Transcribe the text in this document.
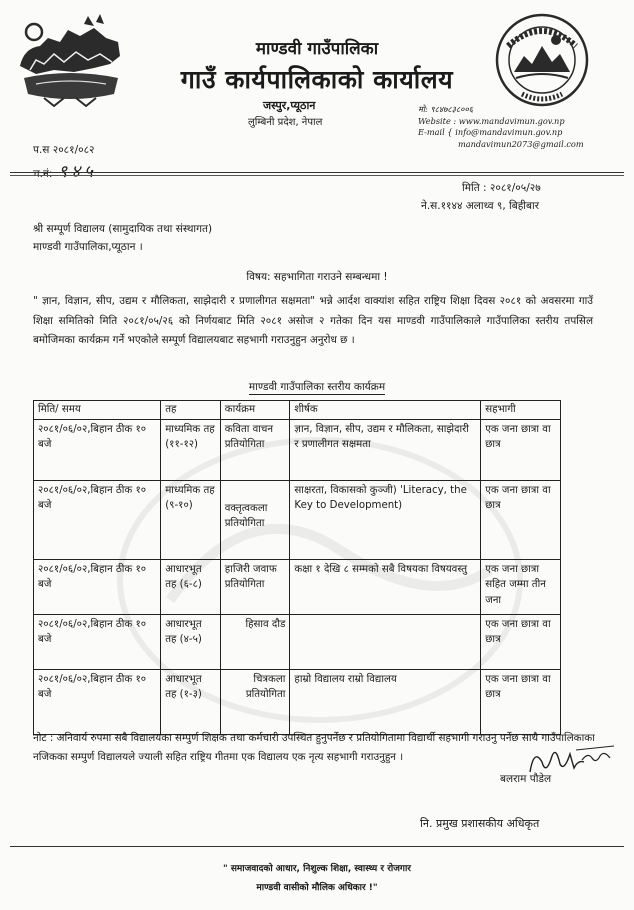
माण्डवी गाउँपालिका
गाउँ कार्यपालिकाको कार्यालय
जस्पुर,प्यूठान
लुम्बिनी प्रदेश, नेपाल
मो: ९८४७८३८००६
Website : www.mandavimun.gov.np
E-mail { info@mandavimun.gov.np
mandavimun2073@gmail.com
प.स २०८१/०८२
च.नं: ९४५
मिति : २०८१/०५/२७
ने.स.११४४ अलाथ्व ९, बिहीबार
श्री सम्पूर्ण विद्यालय (सामुदायिक तथा संस्थागत)
माण्डवी गाउँपालिका,प्यूठान ।
विषय: सहभागिता गराउने सम्बन्धमा !
" ज्ञान, विज्ञान, सीप, उद्यम र मौलिकता, साझेदारी र प्रणालीगत सक्षमता" भन्ने आर्दश वाक्यांश सहित राष्ट्रिय शिक्षा दिवस २०८१ को अवसरमा गाउँ शिक्षा समितिको मिति २०८१/०५/२६ को निर्णयबाट मिति २०८१ असोज २ गतेका दिन यस माण्डवी गाउँपालिकाले गाउँपालिका स्तरीय तपसिल बमोजिमका कार्यक्रम गर्ने भएकोले सम्पूर्ण विद्यालयबाट सहभागी गराउनुहुन अनुरोध छ ।
माण्डवी गाउँपालिका स्तरीय कार्यक्रम
मिति/ समय	तह	कार्यक्रम	शीर्षक	सहभागी
२०८१/०६/०२,बिहान ठीक १० बजे	माध्यमिक तह (११-१२)	कविता वाचन प्रतियोगिता	ज्ञान, विज्ञान, सीप, उद्यम र मौलिकता, साझेदारी र प्रणालीगत सक्षमता	एक जना छात्रा वा छात्र
२०८१/०६/०२,बिहान ठीक १० बजे	माध्यमिक तह (९-१०)	वक्तृत्वकला प्रतियोगिता	साक्षरता, विकासको कुञ्जी) 'Literacy, the Key to Development)	एक जना छात्रा वा छात्र
२०८१/०६/०२,बिहान ठीक १० बजे	आधारभूत तह (६-८)	हाजिरी जवाफ प्रतियोगिता	कक्षा १ देखि ८ सम्मको सबै विषयका विषयवस्तु	एक जना छात्रा सहित जम्मा तीन जना
२०८१/०६/०२,बिहान ठीक १० बजे	आधारभूत तह (४-५)	हिसाव दौड		एक जना छात्रा वा छात्र
२०८१/०६/०२,बिहान ठीक १० बजे	आधारभूत तह (१-३)	चित्रकला प्रतियोगिता	हाम्रो विद्यालय राम्रो विद्यालय	एक जना छात्रा वा छात्र
नोट : अनिवार्य रुपमा सबै विद्यालयका सम्पुर्ण शिक्षक तथा कर्मचारी उपस्थित हुनुपर्नेछ र प्रतियोगितामा विद्यार्थी सहभागी गराउनु पर्नेछ साथै गाउँपालिकाका नजिकका सम्पुर्ण विद्यालयले ज्याली सहित राष्ट्रिय गीतमा एक विद्यालय एक नृत्य सहभागी गराउनुहुन ।
बलराम पौडेल
नि. प्रमुख प्रशासकीय अधिकृत
" समाजवादको आधार, निशुल्क शिक्षा, स्वास्थ्य र रोजगार
माण्डवी वासीको मौलिक अधिकार !"
